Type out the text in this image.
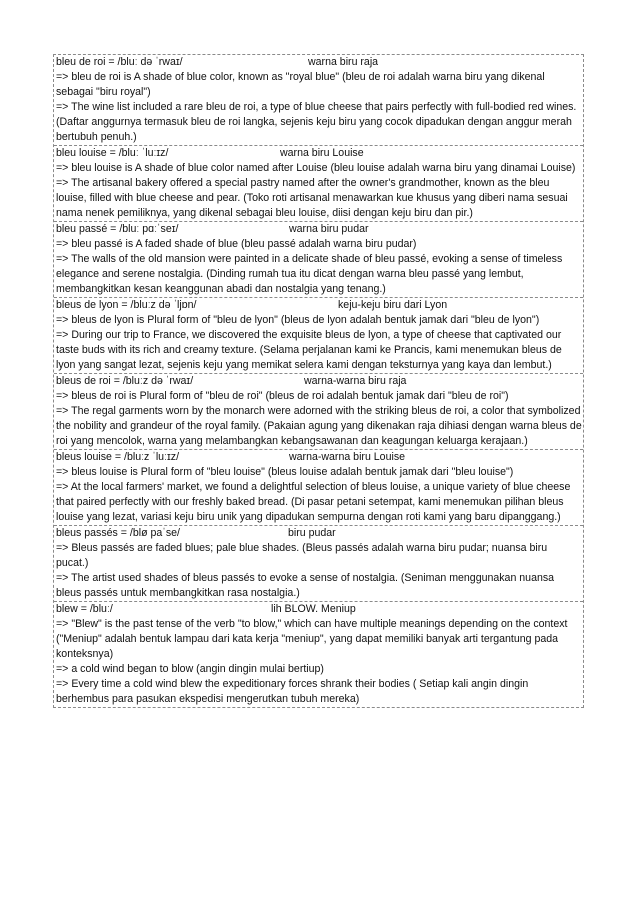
bleu de roi = /bluː də ˈrwaɪ/	warna biru raja
=> bleu de roi is A shade of blue color, known as "royal blue" (bleu de roi adalah warna biru yang dikenal sebagai "biru royal")
=> The wine list included a rare bleu de roi, a type of blue cheese that pairs perfectly with full-bodied red wines. (Daftar anggurnya termasuk bleu de roi langka, sejenis keju biru yang cocok dipadukan dengan anggur merah bertubuh penuh.)
bleu louise = /bluː ˈluːɪz/	warna biru Louise
=> bleu louise is A shade of blue color named after Louise (bleu louise adalah warna biru yang dinamai Louise)
=> The artisanal bakery offered a special pastry named after the owner's grandmother, known as the bleu louise, filled with blue cheese and pear. (Toko roti artisanal menawarkan kue khusus yang diberi nama sesuai nama nenek pemiliknya, yang dikenal sebagai bleu louise, diisi dengan keju biru dan pir.)
bleu passé = /bluː pɑːˈseɪ/	warna biru pudar
=> bleu passé is A faded shade of blue (bleu passé adalah warna biru pudar)
=> The walls of the old mansion were painted in a delicate shade of bleu passé, evoking a sense of timeless elegance and serene nostalgia. (Dinding rumah tua itu dicat dengan warna bleu passé yang lembut, membangkitkan kesan keanggunan abadi dan nostalgia yang tenang.)
bleus de lyon = /bluːz də ˈljɒn/	keju-keju biru dari Lyon
=> bleus de lyon is Plural form of "bleu de lyon" (bleus de lyon adalah bentuk jamak dari "bleu de lyon")
=> During our trip to France, we discovered the exquisite bleus de lyon, a type of cheese that captivated our taste buds with its rich and creamy texture. (Selama perjalanan kami ke Prancis, kami menemukan bleus de lyon yang sangat lezat, sejenis keju yang memikat selera kami dengan teksturnya yang kaya dan lembut.)
bleus de roi = /bluːz də ˈrwaɪ/	warna-warna biru raja
=> bleus de roi is Plural form of "bleu de roi" (bleus de roi adalah bentuk jamak dari "bleu de roi")
=> The regal garments worn by the monarch were adorned with the striking bleus de roi, a color that symbolized the nobility and grandeur of the royal family. (Pakaian agung yang dikenakan raja dihiasi dengan warna bleus de roi yang mencolok, warna yang melambangkan kebangsawanan dan keagungan keluarga kerajaan.)
bleus louise = /bluːz ˈluːɪz/	warna-warna biru Louise
=> bleus louise is Plural form of "bleu louise" (bleus louise adalah bentuk jamak dari "bleu louise")
=> At the local farmers' market, we found a delightful selection of bleus louise, a unique variety of blue cheese that paired perfectly with our freshly baked bread. (Di pasar petani setempat, kami menemukan pilihan bleus louise yang lezat, variasi keju biru unik yang dipadukan sempurna dengan roti kami yang baru dipanggang.)
bleus passés = /blø paˈse/	biru pudar
=> Bleus passés are faded blues; pale blue shades. (Bleus passés adalah warna biru pudar; nuansa biru pucat.)
=> The artist used shades of bleus passés to evoke a sense of nostalgia. (Seniman menggunakan nuansa bleus passés untuk membangkitkan rasa nostalgia.)
blew = /bluː/	lih BLOW. Meniup
=> "Blew" is the past tense of the verb "to blow," which can have multiple meanings depending on the context ("Meniup" adalah bentuk lampau dari kata kerja "meniup", yang dapat memiliki banyak arti tergantung pada konteksnya)
=> a cold wind began to blow (angin dingin mulai bertiup)
=> Every time a cold wind blew the expeditionary forces shrank their bodies ( Setiap kali angin dingin berhembus para pasukan ekspedisi mengerutkan tubuh mereka)
